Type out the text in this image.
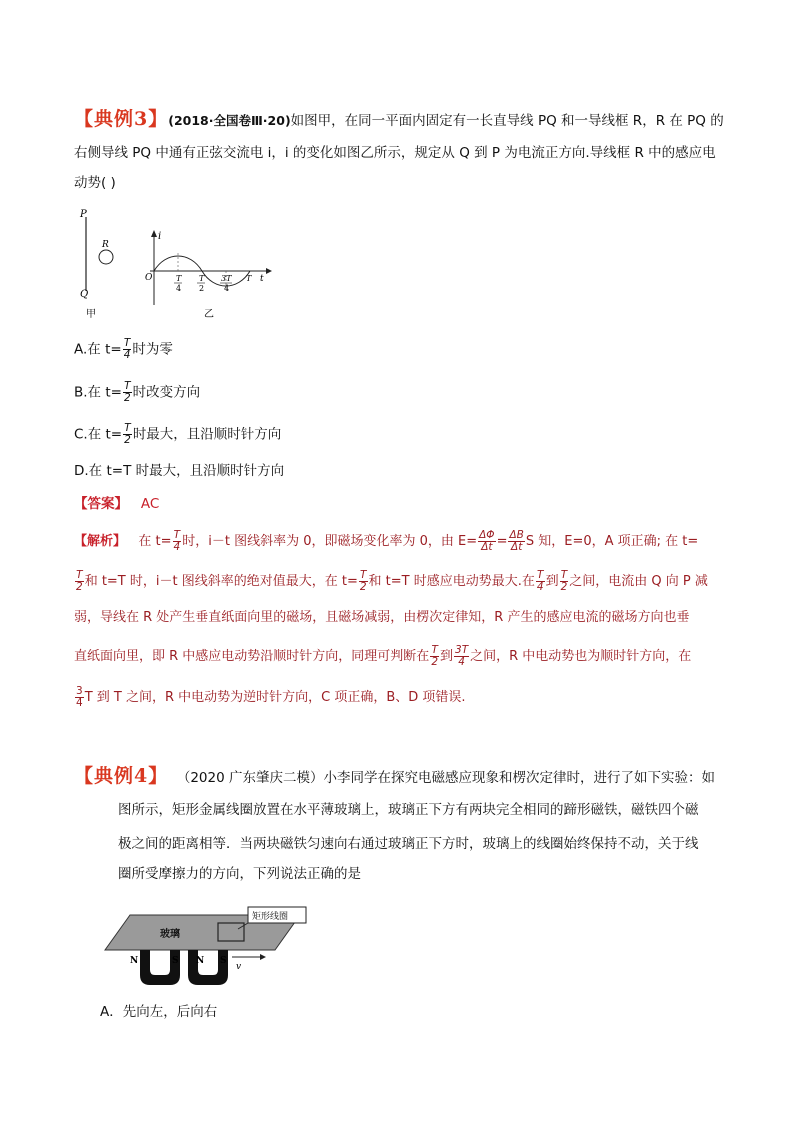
【典例3】(2018·全国卷Ⅲ·20)如图甲，在同一平面内固定有一长直导线 PQ 和一导线框 R，R 在 PQ 的
右侧导线 PQ 中通有正弦交流电 i，i 的变化如图乙所示，规定从 Q 到 P 为电流正方向.导线框 R 中的感应电
动势( )
P
Q
R
甲
i
O	t
T
4
T
2
3T
4
T
乙
A.在 $t= \frac{T}{4}$ 时为零
B.在 $t= \frac{T}{2}$ 时改变方向
C.在 $t= \frac{T}{2}$ 时最大，且沿顺时针方向
D.在 t=T 时最大，且沿顺时针方向
【答案】 AC
【解析】 在 $t= \frac{T}{4}$ 时，i－t 图线斜率为 0，即磁场变化率为 0，由 $E= \frac{\Delta\Phi}{\Delta t} = \frac{\Delta B}{\Delta t}$ S 知，E=0，A 项正确; 在 t=
$\frac{T}{2}$ 和 t=T 时，i－t 图线斜率的绝对值最大，在 $t= \frac{T}{2}$ 和 t=T 时感应电动势最大.在 $\frac{T}{4}$ 到 $\frac{T}{2}$ 之间，电流由 Q 向 P 减
弱，导线在 R 处产生垂直纸面向里的磁场，且磁场减弱，由楞次定律知，R 产生的感应电流的磁场方向也垂
直纸面向里，即 R 中感应电动势沿顺时针方向，同理可判断在 $\frac{T}{2}$ 到 $\frac{3T}{4}$ 之间，R 中电动势也为顺时针方向，在
$\frac{3}{4}$ T 到 T 之间，R 中电动势为逆时针方向，C 项正确，B、D 项错误.
【典例4】 （2020 广东肇庆二模）小李同学在探究电磁感应现象和楞次定律时，进行了如下实验：如
图所示，矩形金属线圈放置在水平薄玻璃上，玻璃正下方有两块完全相同的蹄形磁铁，磁铁四个磁
极之间的距离相等．当两块磁铁匀速向右通过玻璃正下方时，玻璃上的线圈始终保持不动，关于线
圈所受摩擦力的方向，下列说法正确的是
玻璃
矩形线圈
N	S N S
v
A．先向左，后向右
